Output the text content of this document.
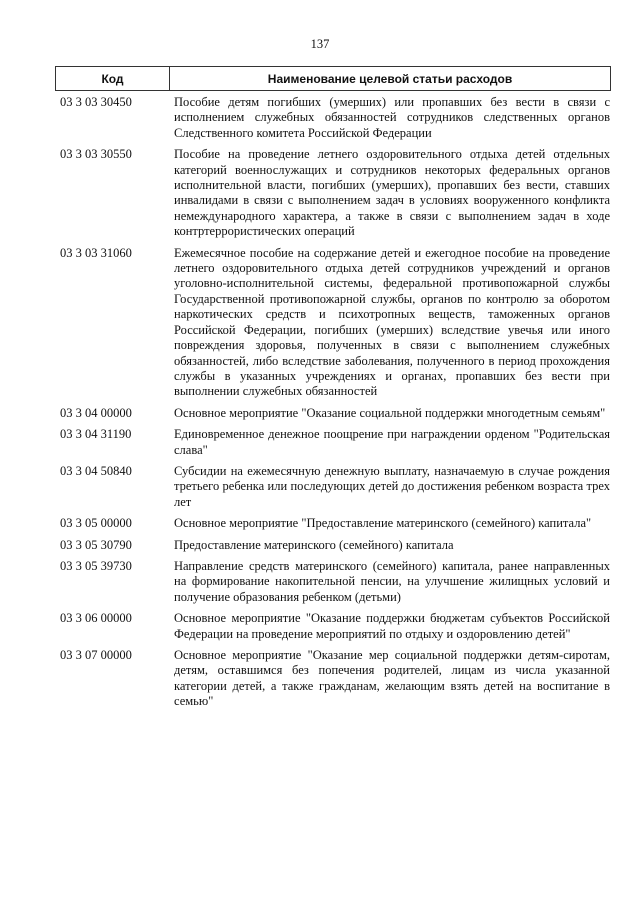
137
Код	Наименование целевой статьи расходов
03 3 03 30450	Пособие детям погибших (умерших) или пропавших без вести в связи с исполнением служебных обязанностей сотрудников следственных органов Следственного комитета Российской Федерации
03 3 03 30550	Пособие на проведение летнего оздоровительного отдыха детей отдельных категорий военнослужащих и сотрудников некоторых федеральных органов исполнительной власти, погибших (умерших), пропавших без вести, ставших инвалидами в связи с выполнением задач в условиях вооруженного конфликта немеждународного характера, а также в связи с выполнением задач в ходе контртеррористических операций
03 3 03 31060	Ежемесячное пособие на содержание детей и ежегодное пособие на проведение летнего оздоровительного отдыха детей сотрудников учреждений и органов уголовно-исполнительной системы, федеральной противопожарной службы Государственной противопожарной службы, органов по контролю за оборотом наркотических средств и психотропных веществ, таможенных органов Российской Федерации, погибших (умерших) вследствие увечья или иного повреждения здоровья, полученных в связи с выполнением служебных обязанностей, либо вследствие заболевания, полученного в период прохождения службы в указанных учреждениях и органах, пропавших без вести при выполнении служебных обязанностей
03 3 04 00000	Основное мероприятие "Оказание социальной поддержки многодетным семьям"
03 3 04 31190	Единовременное денежное поощрение при награждении орденом "Родительская слава"
03 3 04 50840	Субсидии на ежемесячную денежную выплату, назначаемую в случае рождения третьего ребенка или последующих детей до достижения ребенком возраста трех лет
03 3 05 00000	Основное мероприятие "Предоставление материнского (семейного) капитала"
03 3 05 30790	Предоставление материнского (семейного) капитала
03 3 05 39730	Направление средств материнского (семейного) капитала, ранее направленных на формирование накопительной пенсии, на улучшение жилищных условий и получение образования ребенком (детьми)
03 3 06 00000	Основное мероприятие "Оказание поддержки бюджетам субъектов Российской Федерации на проведение мероприятий по отдыху и оздоровлению детей"
03 3 07 00000	Основное мероприятие "Оказание мер социальной поддержки детям-сиротам, детям, оставшимся без попечения родителей, лицам из числа указанной категории детей, а также гражданам, желающим взять детей на воспитание в семью"
